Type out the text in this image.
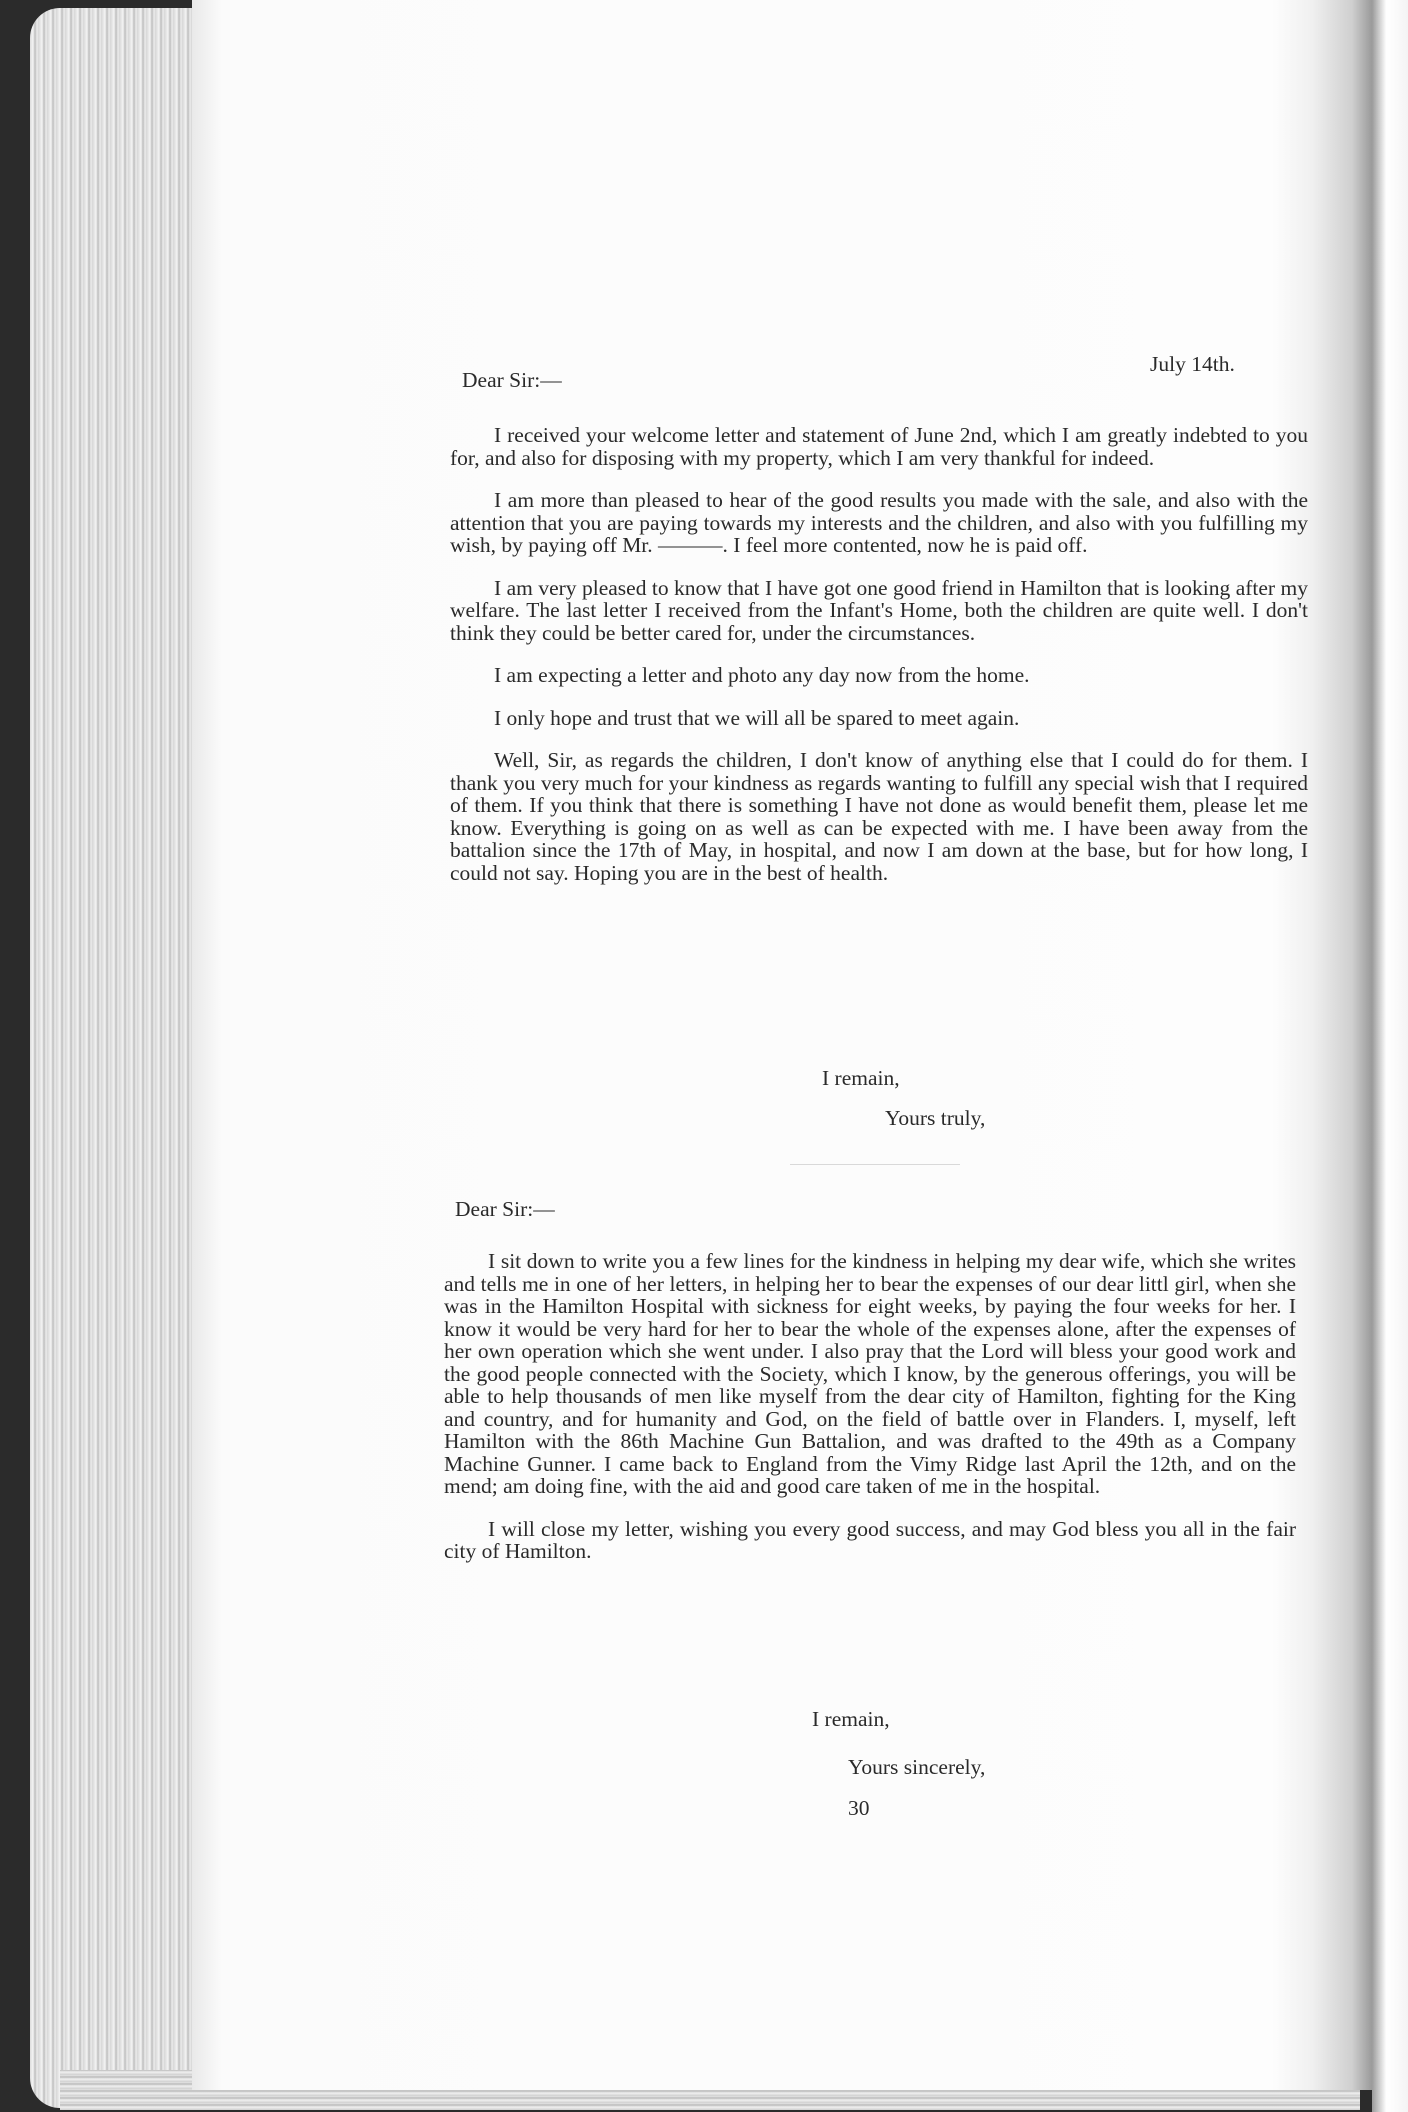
July 14th.
Dear Sir:—

I received your welcome letter and statement of June 2nd, which I am greatly indebted to you for, and also for disposing with my property, which I am very thankful for indeed.

I am more than pleased to hear of the good results you made with the sale, and also with the attention that you are paying towards my interests and the children, and also with you fulfilling my wish, by paying off Mr. ———. I feel more contented, now he is paid off.

I am very pleased to know that I have got one good friend in Hamilton that is looking after my welfare. The last letter I received from the Infant's Home, both the children are quite well. I don't think they could be better cared for, under the circumstances.

I am expecting a letter and photo any day now from the home.

I only hope and trust that we will all be spared to meet again.

Well, Sir, as regards the children, I don't know of anything else that I could do for them. I thank you very much for your kindness as regards wanting to fulfill any special wish that I required of them. If you think that there is something I have not done as would benefit them, please let me know. Everything is going on as well as can be expected with me. I have been away from the battalion since the 17th of May, in hospital, and now I am down at the base, but for how long, I could not say. Hoping you are in the best of health.

I remain,
Yours truly,
Dear Sir:—

I sit down to write you a few lines for the kindness in helping my dear wife, which she writes and tells me in one of her letters, in helping her to bear the expenses of our dear littl girl, when she was in the Hamilton Hospital with sickness for eight weeks, by paying the four weeks for her. I know it would be very hard for her to bear the whole of the expenses alone, after the expenses of her own operation which she went under. I also pray that the Lord will bless your good work and the good people connected with the Society, which I know, by the generous offerings, you will be able to help thousands of men like myself from the dear city of Hamilton, fighting for the King and country, and for humanity and God, on the field of battle over in Flanders. I, myself, left Hamilton with the 86th Machine Gun Battalion, and was drafted to the 49th as a Company Machine Gunner. I came back to England from the Vimy Ridge last April the 12th, and on the mend; am doing fine, with the aid and good care taken of me in the hospital.

I will close my letter, wishing you every good success, and may God bless you all in the fair city of Hamilton.

I remain,
Yours sincerely,
30
